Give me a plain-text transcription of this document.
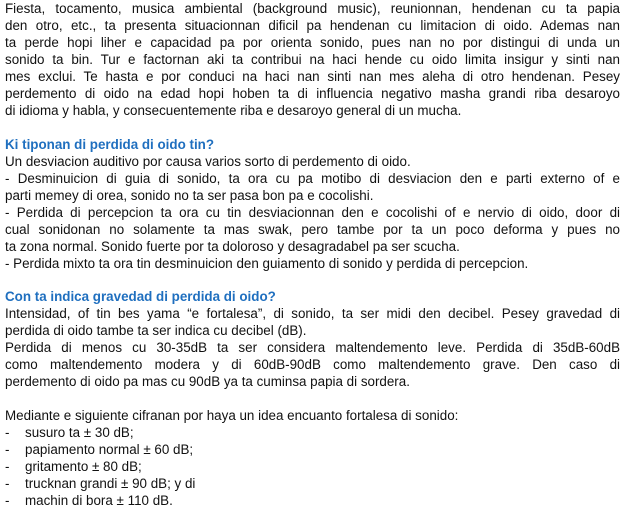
Fiesta, tocamento, musica ambiental (background music), reunionnan, hendenan cu ta papia
den otro, etc., ta presenta situacionnan dificil pa hendenan cu limitacion di oido. Ademas nan
ta perde hopi liher e capacidad pa por orienta sonido, pues nan no por distingui di unda un
sonido ta bin. Tur e factornan aki ta contribui na haci hende cu oido limita insigur y sinti nan
mes exclui. Te hasta e por conduci na haci nan sinti nan mes aleha di otro hendenan. Pesey
perdemento di oido na edad hopi hoben ta di influencia negativo masha grandi riba desaroyo
di idioma y habla, y consecuentemente riba e desaroyo general di un mucha.
Ki tiponan di perdida di oido tin?
Un desviacion auditivo por causa varios sorto di perdemento di oido.
- Desminuicion di guia di sonido, ta ora cu pa motibo di desviacion den e parti externo of e
parti memey di orea, sonido no ta ser pasa bon pa e cocolishi.
- Perdida di percepcion ta ora cu tin desviacionnan den e cocolishi of e nervio di oido, door di
cual sonidonan no solamente ta mas swak, pero tambe por ta un poco deforma y pues no
ta zona normal. Sonido fuerte por ta doloroso y desagradabel pa ser scucha.
- Perdida mixto ta ora tin desminuicion den guiamento di sonido y perdida di percepcion.
Con ta indica gravedad di perdida di oido?
Intensidad, of tin bes yama “e fortalesa”, di sonido, ta ser midi den decibel. Pesey gravedad di
perdida di oido tambe ta ser indica cu decibel (dB).
Perdida di menos cu 30-35dB ta ser considera maltendemento leve. Perdida di 35dB-60dB
como maltendemento modera y di 60dB-90dB como maltendemento grave. Den caso di
perdemento di oido pa mas cu 90dB ya ta cuminsa papia di sordera.
Mediante e siguiente cifranan por haya un idea encuanto fortalesa di sonido:
- susuro ta ± 30 dB;
- papiamento normal ± 60 dB;
- gritamento ± 80 dB;
- trucknan grandi ± 90 dB; y di
- machin di bora ± 110 dB.
